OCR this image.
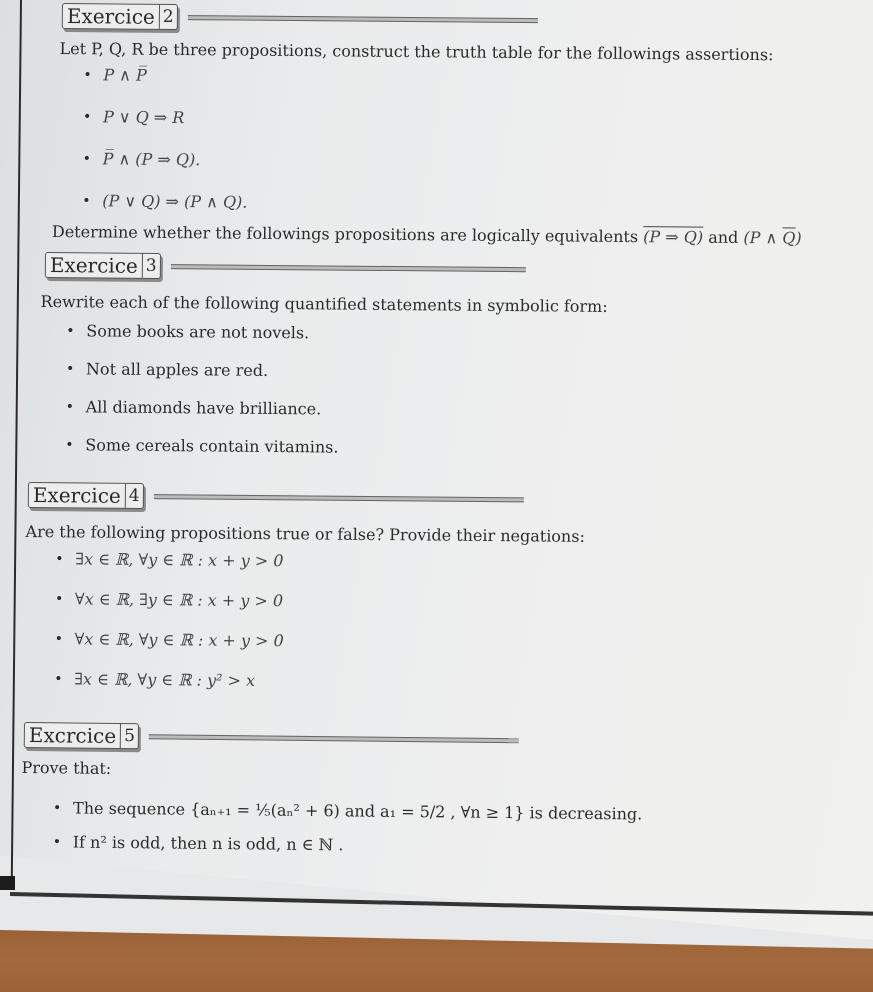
Exercice 2
Let P, Q, R be three propositions, construct the truth table for the followings assertions:
• P ∧ P̅
• P ∨ Q ⇒ R
• P̅ ∧ (P ⇒ Q).
• (P ∨ Q) ⇒ (P ∧ Q).
Determine whether the followings propositions are logically equivalents (P ⇒ Q) and (P ∧ $\overline{Q}$)
Exercice 3
Rewrite each of the following quantified statements in symbolic form:
• Some books are not novels.
• Not all apples are red.
• All diamonds have brilliance.
• Some cereals contain vitamins.
Exercice 4
Are the following propositions true or false? Provide their negations:
• ∃x ∈ ℝ, ∀y ∈ ℝ : x + y > 0
• ∀x ∈ ℝ, ∃y ∈ ℝ : x + y > 0
• ∀x ∈ ℝ, ∀y ∈ ℝ : x + y > 0
• ∃x ∈ ℝ, ∀y ∈ ℝ : y² > x
Excrcice 5
Prove that:
• The sequence {aₙ₊₁ = ⅕(aₙ² + 6) and a₁ = 5/2 , ∀n ≥ 1} is decreasing.
• If n² is odd, then n is odd, n ∈ ℕ .
